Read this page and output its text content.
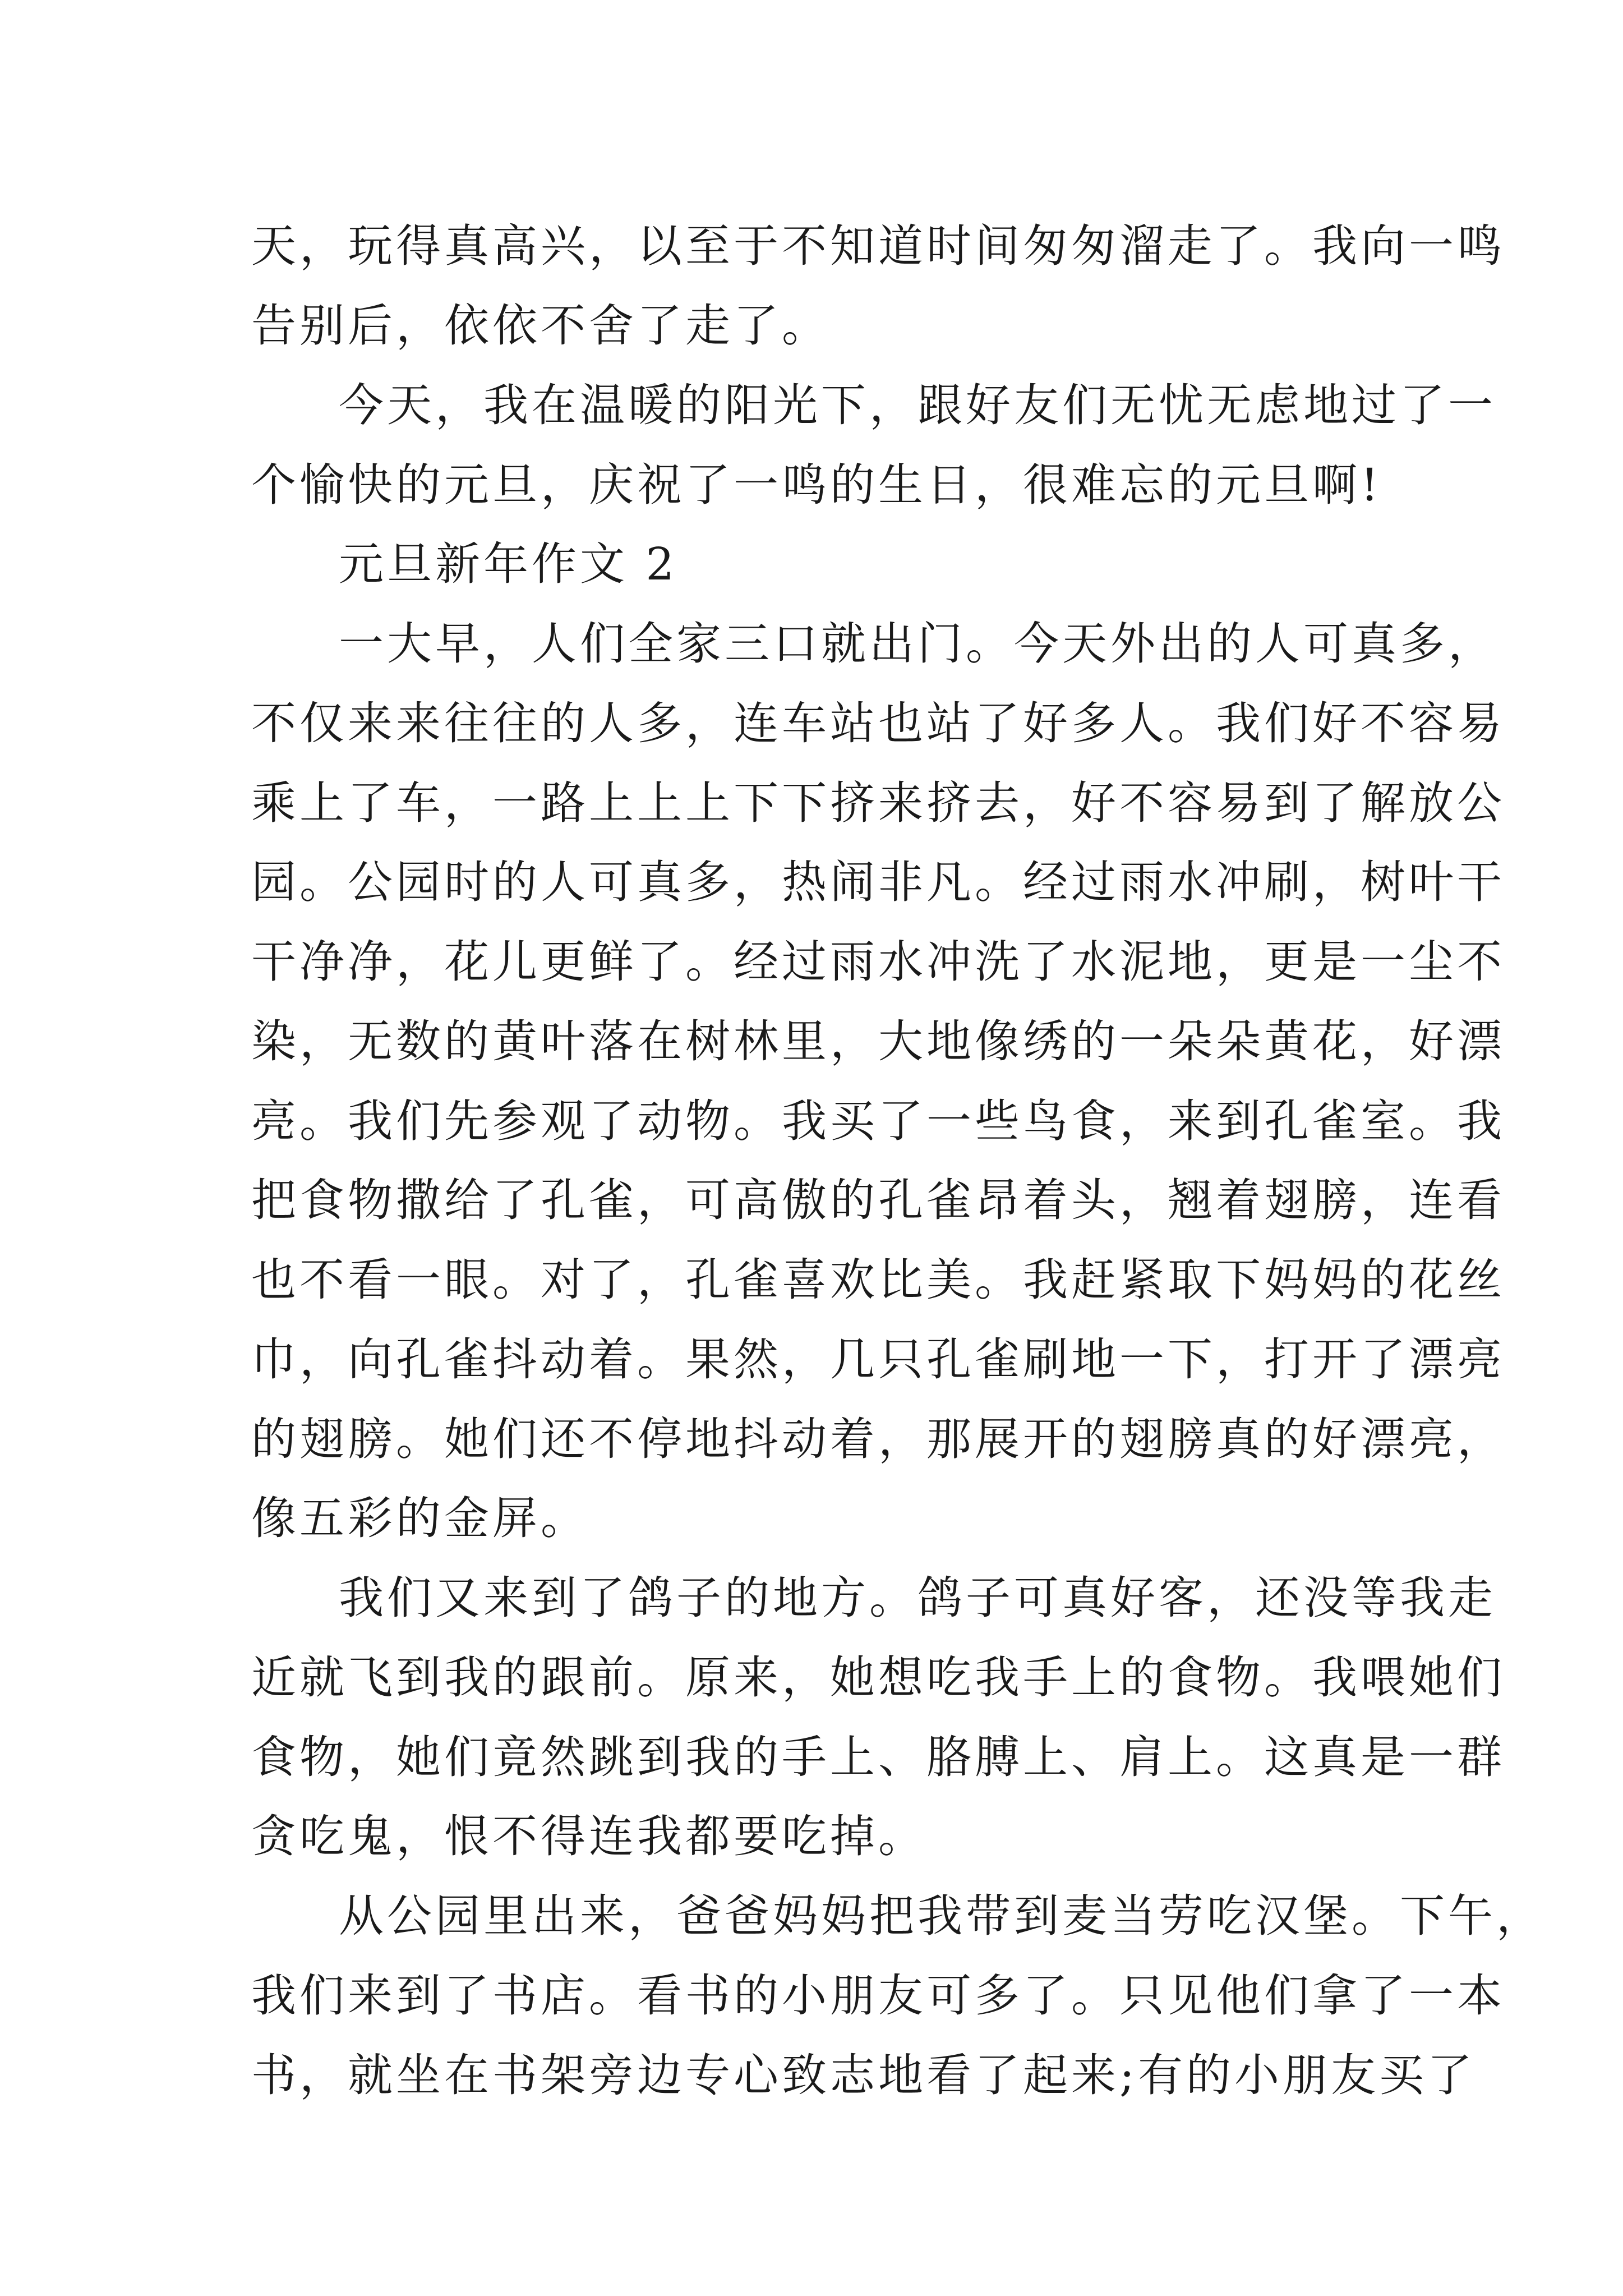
天，玩得真高兴，以至于不知道时间匆匆溜走了。我向一鸣
告别后，依依不舍了走了。
今天，我在温暖的阳光下，跟好友们无忧无虑地过了一
个愉快的元旦，庆祝了一鸣的生日，很难忘的元旦啊!
元旦新年作文 2
一大早，人们全家三口就出门。今天外出的人可真多，
不仅来来往往的人多，连车站也站了好多人。我们好不容易
乘上了车，一路上上上下下挤来挤去，好不容易到了解放公
园。公园时的人可真多，热闹非凡。经过雨水冲刷，树叶干
干净净，花儿更鲜了。经过雨水冲洗了水泥地，更是一尘不
染，无数的黄叶落在树林里，大地像绣的一朵朵黄花，好漂
亮。我们先参观了动物。我买了一些鸟食，来到孔雀室。我
把食物撒给了孔雀，可高傲的孔雀昂着头，翘着翅膀，连看
也不看一眼。对了，孔雀喜欢比美。我赶紧取下妈妈的花丝
巾，向孔雀抖动着。果然，几只孔雀刷地一下，打开了漂亮
的翅膀。她们还不停地抖动着，那展开的翅膀真的好漂亮，
像五彩的金屏。
我们又来到了鸽子的地方。鸽子可真好客，还没等我走
近就飞到我的跟前。原来，她想吃我手上的食物。我喂她们
食物，她们竟然跳到我的手上、胳膊上、肩上。这真是一群
贪吃鬼，恨不得连我都要吃掉。
从公园里出来，爸爸妈妈把我带到麦当劳吃汉堡。下午，
我们来到了书店。看书的小朋友可多了。只见他们拿了一本
书，就坐在书架旁边专心致志地看了起来;有的小朋友买了
